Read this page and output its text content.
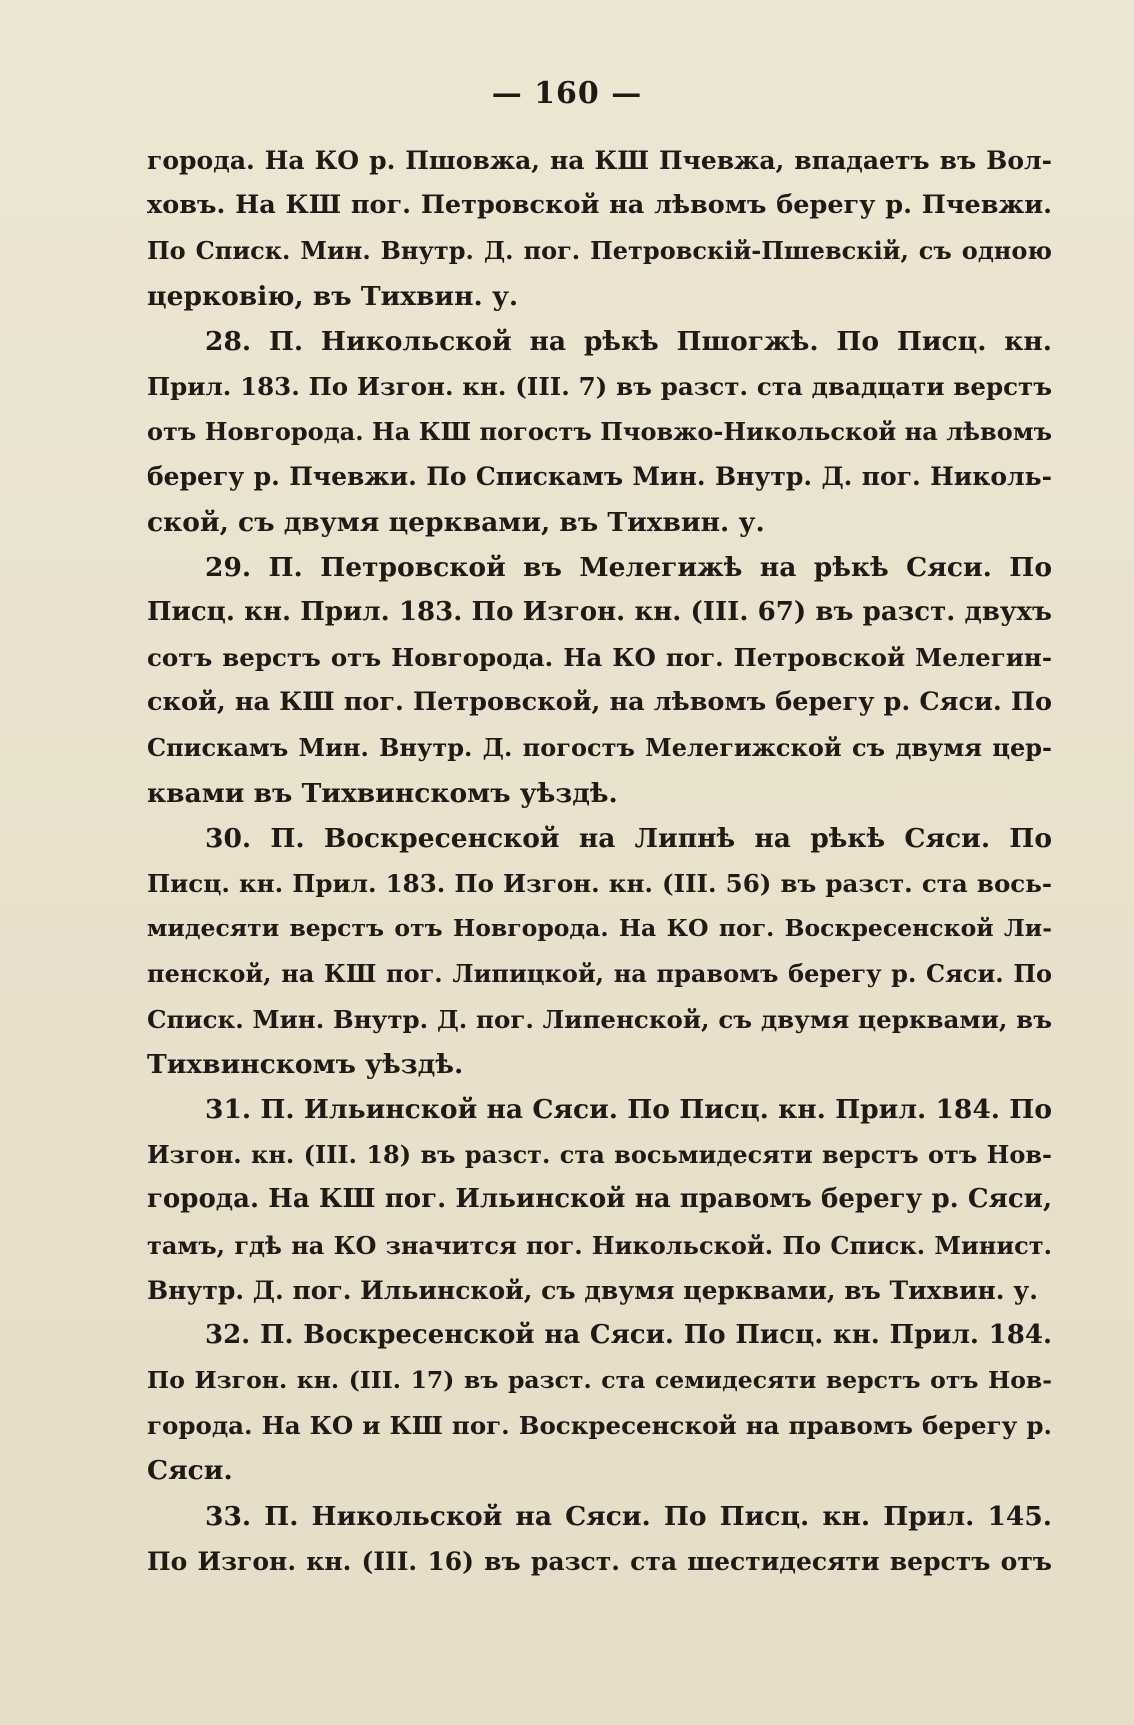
— 160 —
города. На КО р. Пшовжа, на КШ Пчевжа, впадаетъ въ Вол-
ховъ. На КШ пог. Петровской на лѣвомъ берегу р. Пчевжи.
По Списк. Мин. Внутр. Д. пог. Петровскій-Пшевскій, съ одною
церковію, въ Тихвин. у.
28. П. Никольской на рѣкѣ Пшогжѣ. По Писц. кн.
Прил. 183. По Изгон. кн. (III. 7) въ разст. ста двадцати верстъ
отъ Новгорода. На КШ погостъ Пчовжо-Никольской на лѣвомъ
берегу р. Пчевжи. По Спискамъ Мин. Внутр. Д. пог. Николь-
ской, съ двумя церквами, въ Тихвин. у.
29. П. Петровской въ Мелегижѣ на рѣкѣ Сяси. По
Писц. кн. Прил. 183. По Изгон. кн. (III. 67) въ разст. двухъ
сотъ верстъ отъ Новгорода. На КО пог. Петровской Мелегин-
ской, на КШ пог. Петровской, на лѣвомъ берегу р. Сяси. По
Спискамъ Мин. Внутр. Д. погостъ Мелегижской съ двумя цер-
квами въ Тихвинскомъ уѣздѣ.
30. П. Воскресенской на Липнѣ на рѣкѣ Сяси. По
Писц. кн. Прил. 183. По Изгон. кн. (III. 56) въ разст. ста вось-
мидесяти верстъ отъ Новгорода. На КО пог. Воскресенской Ли-
пенской, на КШ пог. Липицкой, на правомъ берегу р. Сяси. По
Списк. Мин. Внутр. Д. пог. Липенской, съ двумя церквами, въ
Тихвинскомъ уѣздѣ.
31. П. Ильинской на Сяси. По Писц. кн. Прил. 184. По
Изгон. кн. (III. 18) въ разст. ста восьмидесяти верстъ отъ Нов-
города. На КШ пог. Ильинской на правомъ берегу р. Сяси,
тамъ, гдѣ на КО значится пог. Никольской. По Списк. Минист.
Внутр. Д. пог. Ильинской, съ двумя церквами, въ Тихвин. у.
32. П. Воскресенской на Сяси. По Писц. кн. Прил. 184.
По Изгон. кн. (III. 17) въ разст. ста семидесяти верстъ отъ Нов-
города. На КО и КШ пог. Воскресенской на правомъ берегу р.
Сяси.
33. П. Никольской на Сяси. По Писц. кн. Прил. 145.
По Изгон. кн. (III. 16) въ разст. ста шестидесяти верстъ отъ
